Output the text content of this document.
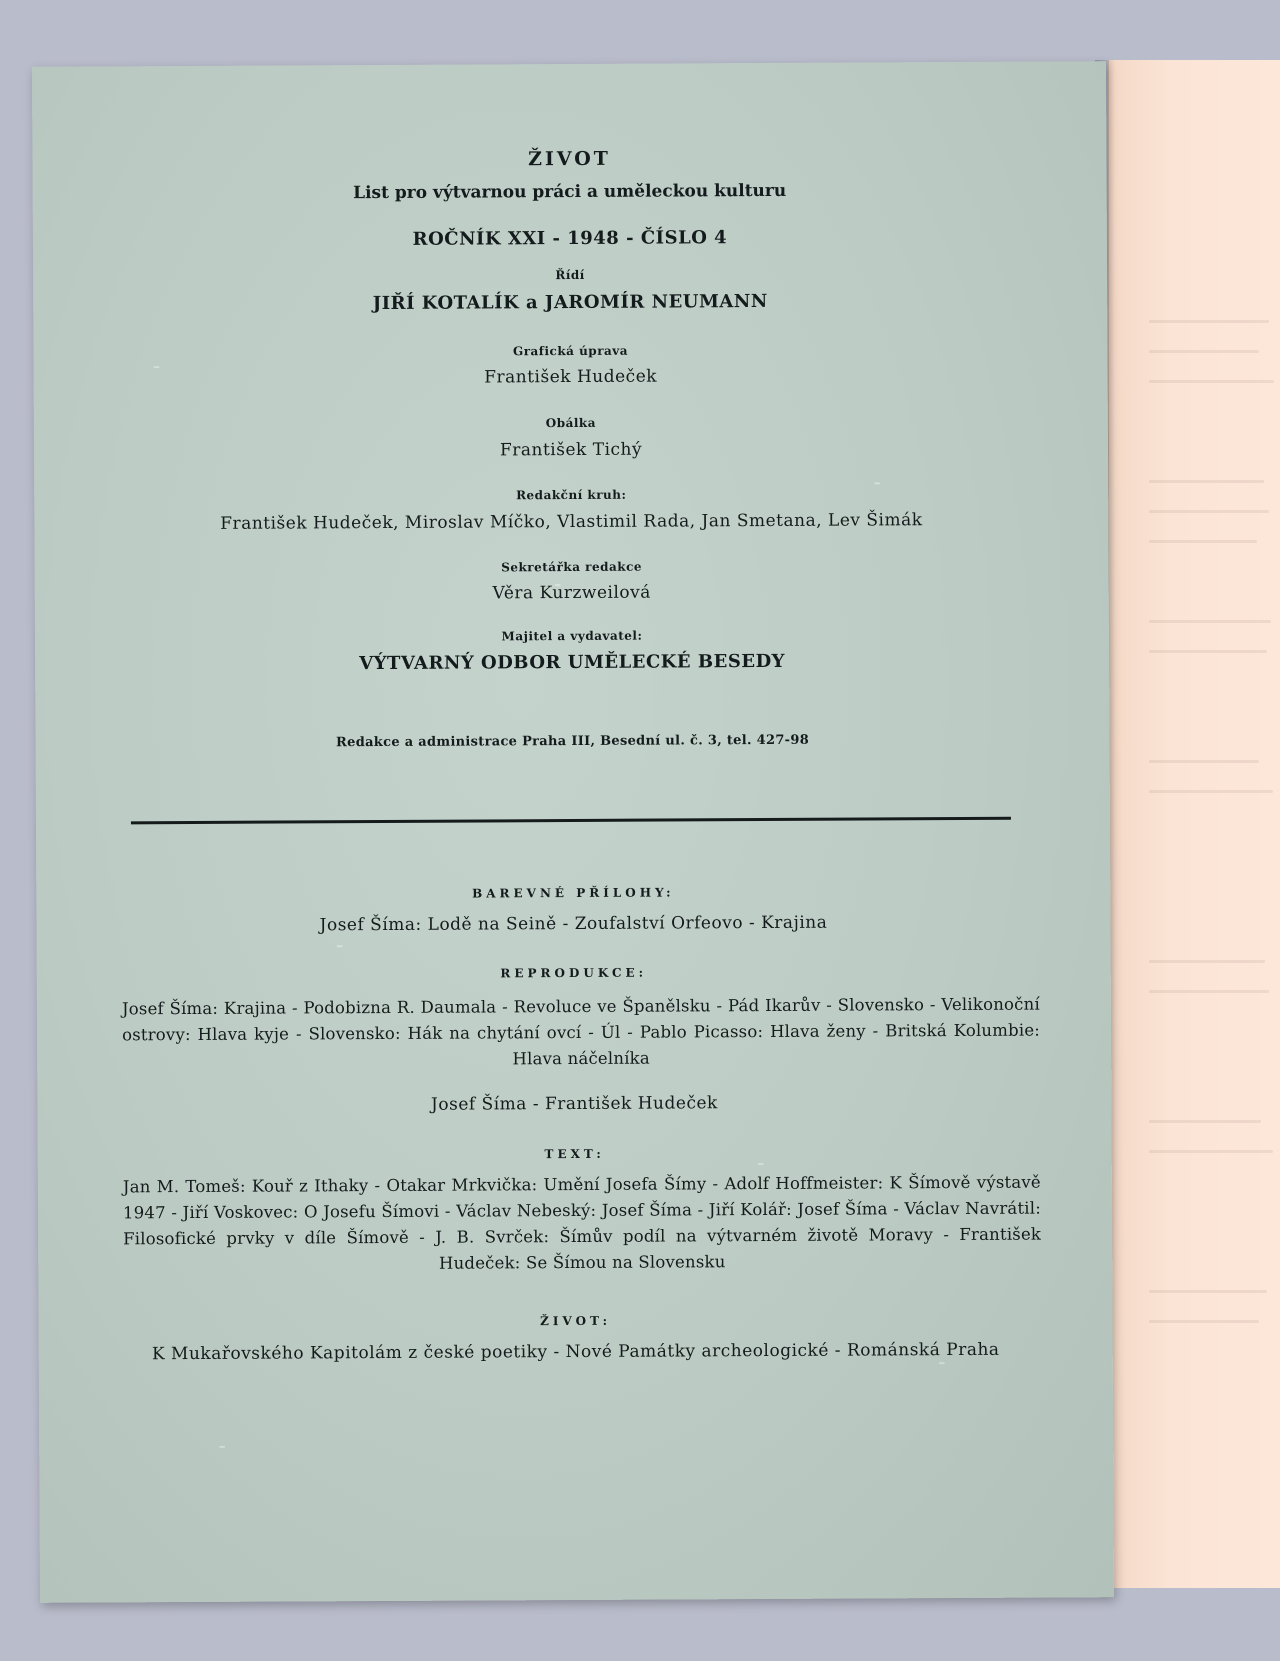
ŽIVOT
List pro výtvarnou práci a uměleckou kulturu
ROČNÍK XXI - 1948 - ČÍSLO 4
Řídí
JIŘÍ KOTALÍK a JAROMÍR NEUMANN
Grafická úprava
František Hudeček
Obálka
František Tichý
Redakční kruh:
František Hudeček, Miroslav Míčko, Vlastimil Rada, Jan Smetana, Lev Šimák
Sekretářka redakce
Věra Kurzweilová
Majitel a vydavatel:
VÝTVARNÝ ODBOR UMĚLECKÉ BESEDY
Redakce a administrace Praha III, Besední ul. č. 3, tel. 427-98
BAREVNÉ PŘÍLOHY:
Josef Šíma: Lodě na Seině - Zoufalství Orfeovo - Krajina
REPRODUKCE:
Josef Šíma: Krajina - Podobizna R. Daumala - Revoluce ve Španělsku - Pád Ikarův - Slovensko - Velikonoční ostrovy: Hlava kyje - Slovensko: Hák na chytání ovcí - Úl - Pablo Picasso: Hlava ženy - Britská Kolumbie: Hlava náčelníka
Josef Šíma - František Hudeček
TEXT:
Jan M. Tomeš: Kouř z Ithaky - Otakar Mrkvička: Umění Josefa Šímy - Adolf Hoffmeister: K Šímově výstavě 1947 - Jiří Voskovec: O Josefu Šímovi - Václav Nebeský: Josef Šíma - Jiří Kolář: Josef Šíma - Václav Navrátil: Filosofické prvky v díle Šímově - J. B. Svrček: Šímův podíl na výtvarném životě Moravy - František Hudeček: Se Šímou na Slovensku
ŽIVOT:
K Mukařovského Kapitolám z české poetiky - Nové Památky archeologické - Románská Praha
